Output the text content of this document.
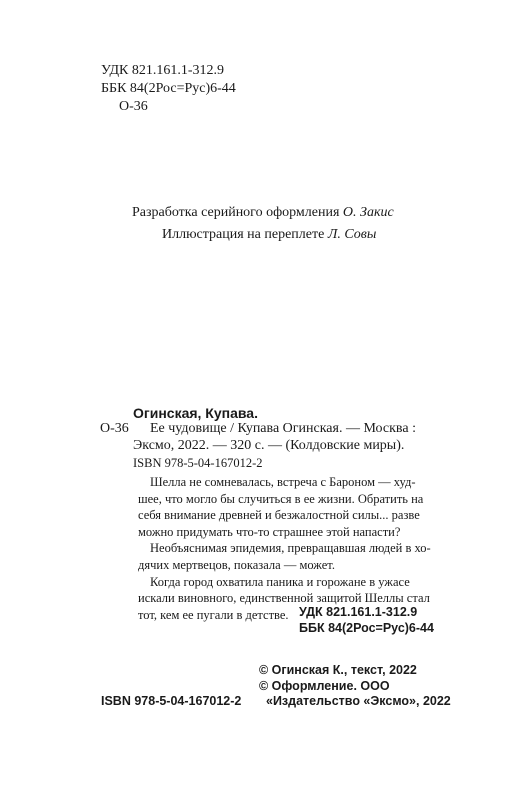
УДК 821.161.1-312.9
ББК 84(2Рос=Рус)6-44
О-36
Разработка серийного оформления О. Закис
Иллюстрация на переплете Л. Совы
Огинская, Купава.
О-36 Ее чудовище / Купава Огинская. — Москва :
Эксмо, 2022. — 320 с. — (Колдовские миры).
ISBN 978-5-04-167012-2

Шелла не сомневалась, встреча с Бароном — худ-

шее, что могло бы случиться в ее жизни. Обратить на

себя внимание древней и безжалостной силы... разве

можно придумать что-то страшнее этой напасти?

Необъяснимая эпидемия, превращавшая людей в хо-

дячих мертвецов, показала — может.

Когда город охватила паника и горожане в ужасе

искали виновного, единственной защитой Шеллы стал

тот, кем ее пугали в детстве. УДК 821.161.1-312.9
ББК 84(2Рос=Рус)6-44
© Огинская К., текст, 2022
© Оформление. ООО
«Издательство «Эксмо», 2022
ISBN 978-5-04-167012-2
